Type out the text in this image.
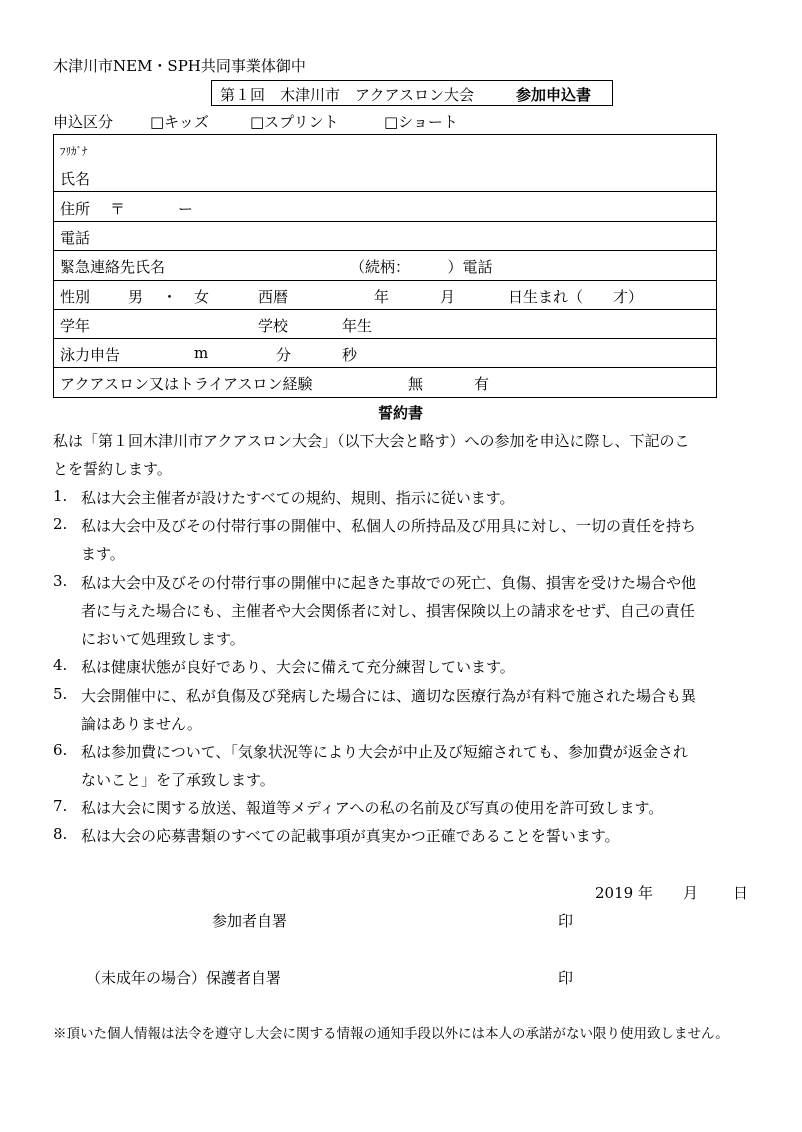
木津川市NEM・SPH共同事業体御中
第１回　木津川市　アクアスロン大会	参加申込書
申込区分 □キッズ	□スプリント	□ショート
ﾌﾘｶﾞﾅ
氏名
住所 〒	ー
電話
緊急連絡先氏名	（続柄：　　　）電話
性別	男 ・ 女	西暦	年	月	日生まれ（　　才）
学年	学校	年生
泳力申告	m	分	秒
アクアスロン又はトライアスロン経験	無	有
誓約書
私は「第１回木津川市アクアスロン大会」（以下大会と略す）への参加を申込に際し、下記のこ
とを誓約します。
1. 私は大会主催者が設けたすべての規約、規則、指示に従います。
2. 私は大会中及びその付帯行事の開催中、私個人の所持品及び用具に対し、一切の責任を持ち
ます。
3. 私は大会中及びその付帯行事の開催中に起きた事故での死亡、負傷、損害を受けた場合や他
者に与えた場合にも、主催者や大会関係者に対し、損害保険以上の請求をせず、自己の責任
において処理致します。
4. 私は健康状態が良好であり、大会に備えて充分練習しています。
5. 大会開催中に、私が負傷及び発病した場合には、適切な医療行為が有料で施された場合も異
論はありません。
6. 私は参加費について、「気象状況等により大会が中止及び短縮されても、参加費が返金され
ないこと」を了承致します。
7. 私は大会に関する放送、報道等メディアへの私の名前及び写真の使用を許可致します。
8. 私は大会の応募書類のすべての記載事項が真実かつ正確であることを誓います。
2019 年 月 日
参加者自署	印
（未成年の場合）保護者自署	印
※頂いた個人情報は法令を遵守し大会に関する情報の通知手段以外には本人の承諾がない限り使用致しません。
